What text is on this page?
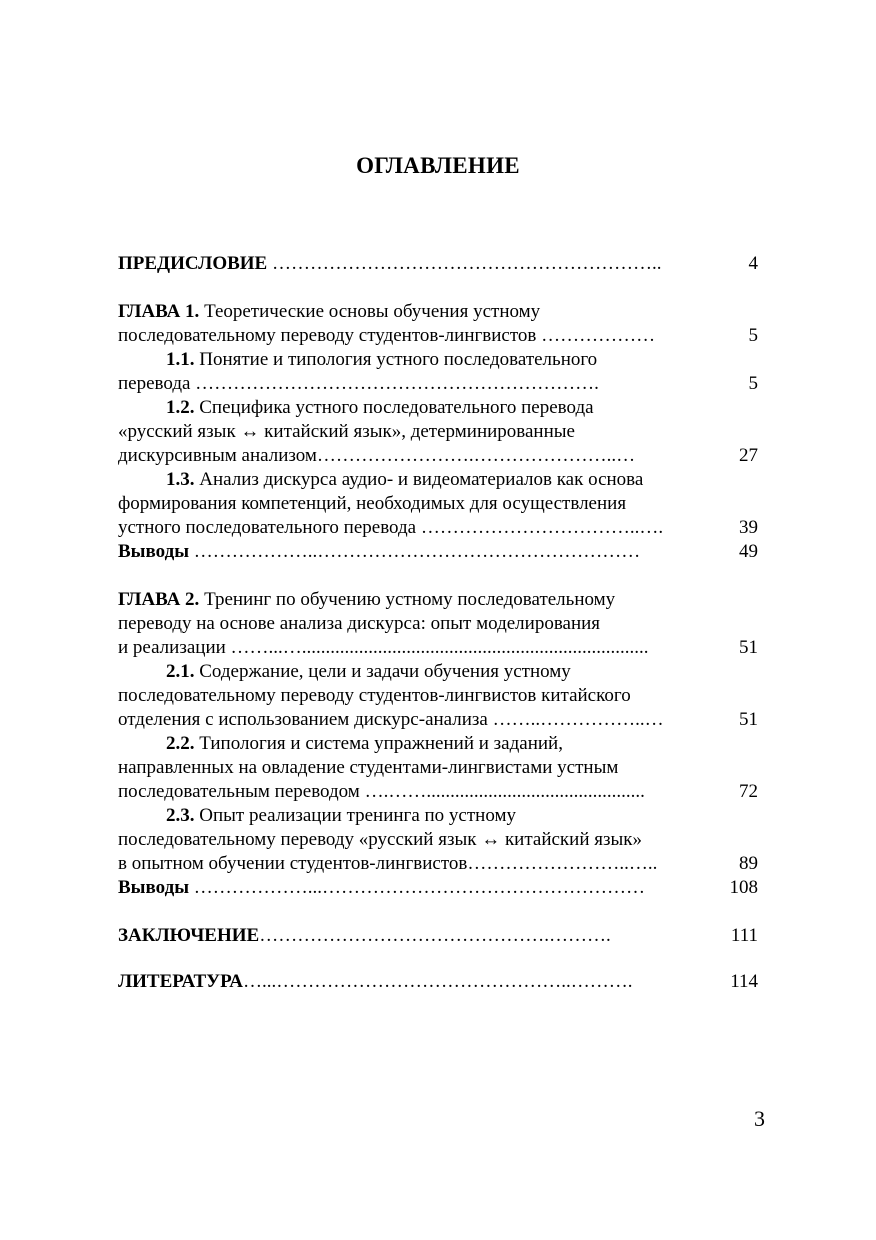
ОГЛАВЛЕНИЕ
ПРЕДИСЛОВИЕ ……………………………………………………..	4
ГЛАВА 1. Теоретические основы обучения устному
последовательному переводу студентов-лингвистов ………………	5
1.1. Понятие и типология устного последовательного
перевода ……………………………………………………….	5
1.2. Специфика устного последовательного перевода
«русский язык ↔ китайский язык», детерминированные
дискурсивным анализом…………………….…………………..…	27
1.3. Анализ дискурса аудио- и видеоматериалов как основа
формирования компетенций, необходимых для осуществления
устного последовательного перевода ……………………………..….	39
Выводы ………………..……………………………………………	49
ГЛАВА 2. Тренинг по обучению устному последовательному
переводу на основе анализа дискурса: опыт моделирования
и реализации ……...….........................................................................	51
2.1. Содержание, цели и задачи обучения устному
последовательному переводу студентов-лингвистов китайского
отделения с использованием дискурс-анализа ……..……………..…	51
2.2. Типология и система упражнений и заданий,
направленных на овладение студентами-лингвистами устным
последовательным переводом ….……..............................................	72
2.3. Опыт реализации тренинга по устному
последовательному переводу «русский язык ↔ китайский язык»
в опытном обучении студентов-лингвистов……………………..…..	89
Выводы ………………...……………………………………………	108
ЗАКЛЮЧЕНИЕ……………………………………….……….	111
ЛИТЕРАТУРА…...………………………………………..……….	114
3
